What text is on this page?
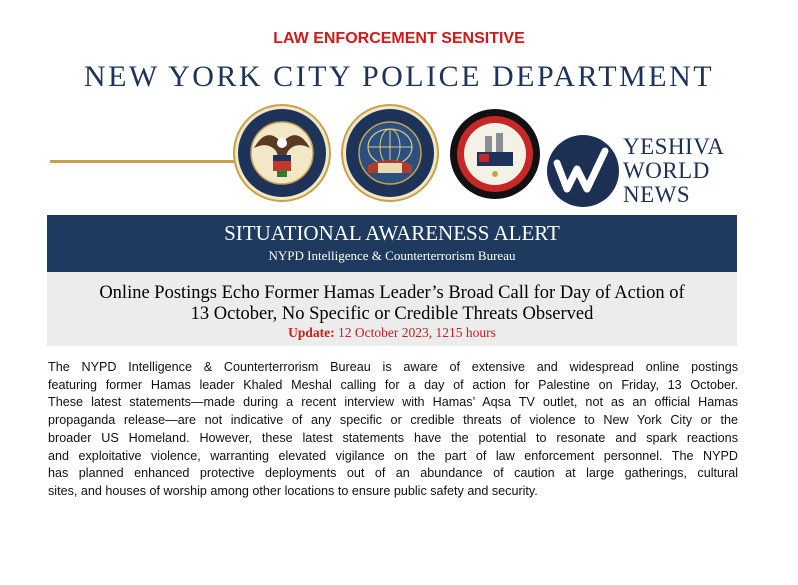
LAW ENFORCEMENT SENSITIVE
NEW YORK CITY POLICE DEPARTMENT
YESHIVA
WORLD
NEWS
SITUATIONAL AWARENESS ALERT
NYPD Intelligence & Counterterrorism Bureau
Online Postings Echo Former Hamas Leader’s Broad Call for Day of Action of
13 October, No Specific or Credible Threats Observed
Update: 12 October 2023, 1215 hours
The NYPD Intelligence & Counterterrorism Bureau is aware of extensive and widespread online postings
featuring former Hamas leader Khaled Meshal calling for a day of action for Palestine on Friday, 13 October.
These latest statements—made during a recent interview with Hamas’ Aqsa TV outlet, not as an official Hamas
propaganda release—are not indicative of any specific or credible threats of violence to New York City or the
broader US Homeland. However, these latest statements have the potential to resonate and spark reactions
and exploitative violence, warranting elevated vigilance on the part of law enforcement personnel. The NYPD
has planned enhanced protective deployments out of an abundance of caution at large gatherings, cultural
sites, and houses of worship among other locations to ensure public safety and security.
